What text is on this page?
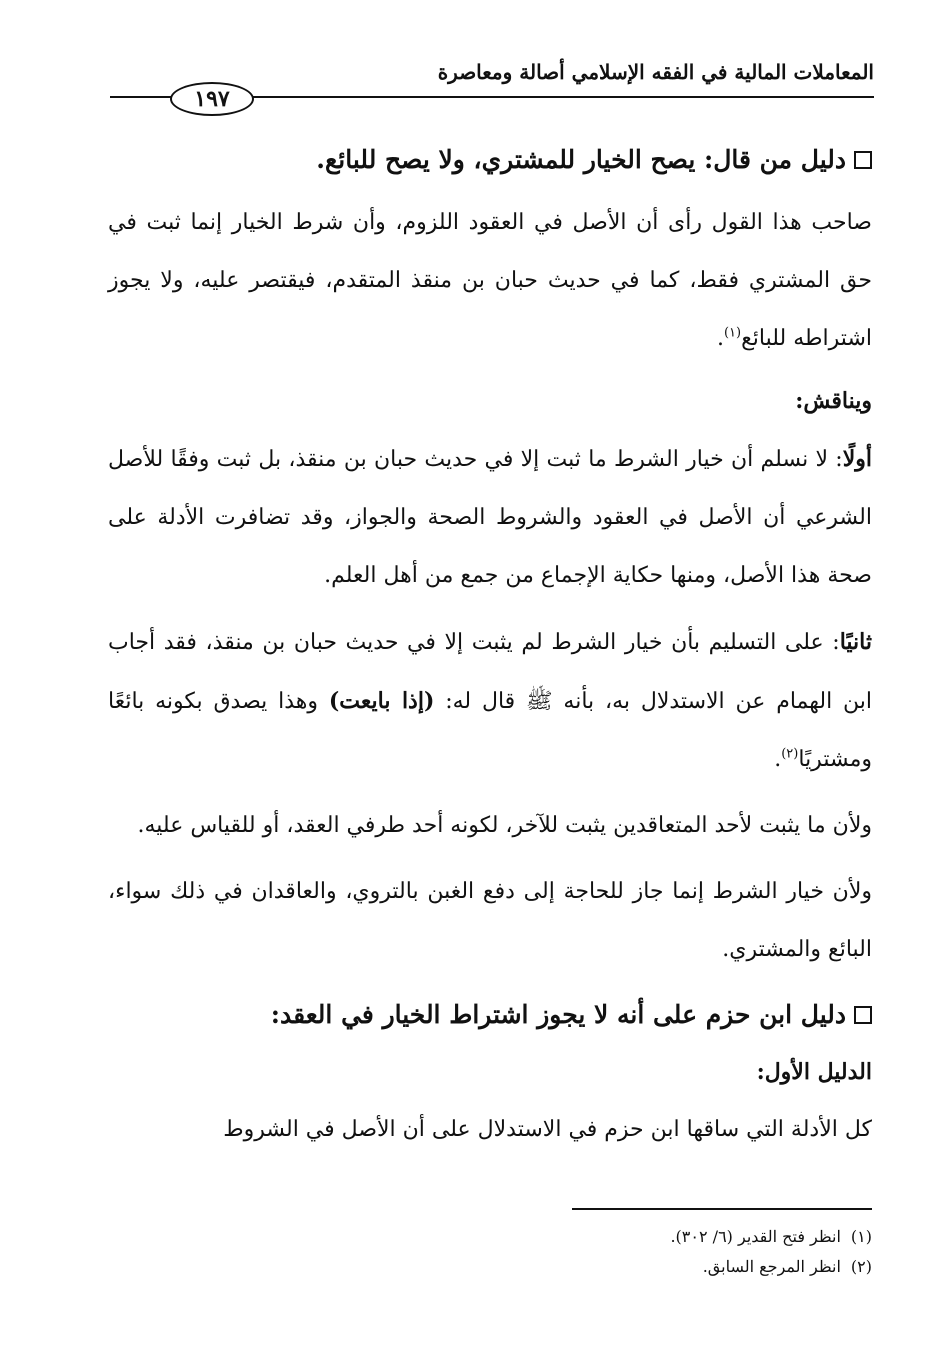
المعاملات المالية في الفقه الإسلامي أصالة ومعاصرة
١٩٧
دليل من قال: يصح الخيار للمشتري، ولا يصح للبائع.

صاحب هذا القول رأى أن الأصل في العقود اللزوم، وأن شرط الخيار إنما ثبت في حق المشتري فقط، كما في حديث حبان بن منقذ المتقدم، فيقتصر عليه، ولا يجوز اشتراطه للبائع$^{(١)}$.

ويناقش:

أولًا: لا نسلم أن خيار الشرط ما ثبت إلا في حديث حبان بن منقذ، بل ثبت وفقًا للأصل الشرعي أن الأصل في العقود والشروط الصحة والجواز، وقد تضافرت الأدلة على صحة هذا الأصل، ومنها حكاية الإجماع من جمع من أهل العلم.

ثانيًا: على التسليم بأن خيار الشرط لم يثبت إلا في حديث حبان بن منقذ، فقد أجاب ابن الهمام عن الاستدلال به، بأنه ﷺ قال له: (إذا بايعت) وهذا يصدق بكونه بائعًا ومشتريًا$^{(٢)}$.

ولأن ما يثبت لأحد المتعاقدين يثبت للآخر، لكونه أحد طرفي العقد، أو للقياس عليه.

ولأن خيار الشرط إنما جاز للحاجة إلى دفع الغبن بالتروي، والعاقدان في ذلك سواء، البائع والمشتري.

دليل ابن حزم على أنه لا يجوز اشتراط الخيار في العقد:

الدليل الأول:

كل الأدلة التي ساقها ابن حزم في الاستدلال على أن الأصل في الشروط

(١)انظر فتح القدير (٦/ ٣٠٢).
(٢)انظر المرجع السابق.
